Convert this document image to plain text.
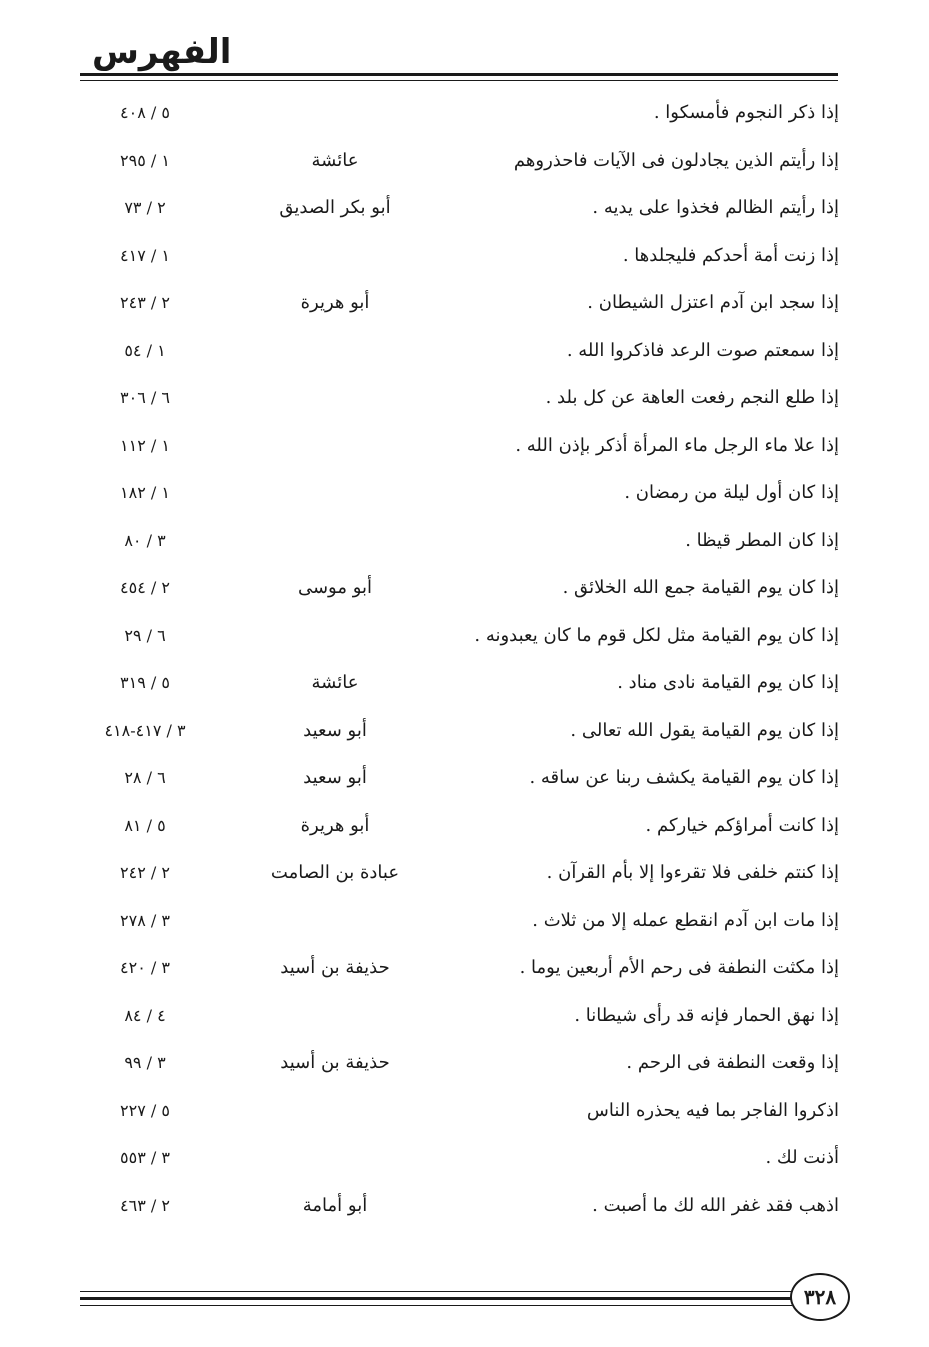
الفهرس
إذا ذكر النجوم فأمسكوا .
٥ / ٤٠٨
إذا رأيتم الذين يجادلون فى الآيات فاحذروهم
عائشة
١ / ٢٩٥
إذا رأيتم الظالم فخذوا على يديه .
أبو بكر الصديق
٢ / ٧٣
إذا زنت أمة أحدكم فليجلدها .
١ / ٤١٧
إذا سجد ابن آدم اعتزل الشيطان .
أبو هريرة
٢ / ٢٤٣
إذا سمعتم صوت الرعد فاذكروا الله .
١ / ٥٤
إذا طلع النجم رفعت العاهة عن كل بلد .
٦ / ٣٠٦
إذا علا ماء الرجل ماء المرأة أذكر بإذن الله .
١ / ١١٢
إذا كان أول ليلة من رمضان .
١ / ١٨٢
إذا كان المطر قيظا .
٣ / ٨٠
إذا كان يوم القيامة جمع الله الخلائق .
أبو موسى
٢ / ٤٥٤
إذا كان يوم القيامة مثل لكل قوم ما كان يعبدونه .
٦ / ٢٩
إذا كان يوم القيامة نادى مناد .
عائشة
٥ / ٣١٩
إذا كان يوم القيامة يقول الله تعالى .
أبو سعيد
٣ / ٤١٧-٤١٨
إذا كان يوم القيامة يكشف ربنا عن ساقه .
أبو سعيد
٦ / ٢٨
إذا كانت أمراؤكم خياركم .
أبو هريرة
٥ / ٨١
إذا كنتم خلفى فلا تقرءوا إلا بأم القرآن .
عبادة بن الصامت
٢ / ٢٤٢
إذا مات ابن آدم انقطع عمله إلا من ثلاث .
٣ / ٢٧٨
إذا مكثت النطفة فى رحم الأم أربعين يوما .
حذيفة بن أسيد
٣ / ٤٢٠
إذا نهق الحمار فإنه قد رأى شيطانا .
٤ / ٨٤
إذا وقعت النطفة فى الرحم .
حذيفة بن أسيد
٣ / ٩٩
اذكروا الفاجر بما فيه يحذره الناس
٥ / ٢٢٧
أذنت لك .
٣ / ٥٥٣
اذهب فقد غفر الله لك ما أصبت .
أبو أمامة
٢ / ٤٦٣
٣٢٨
